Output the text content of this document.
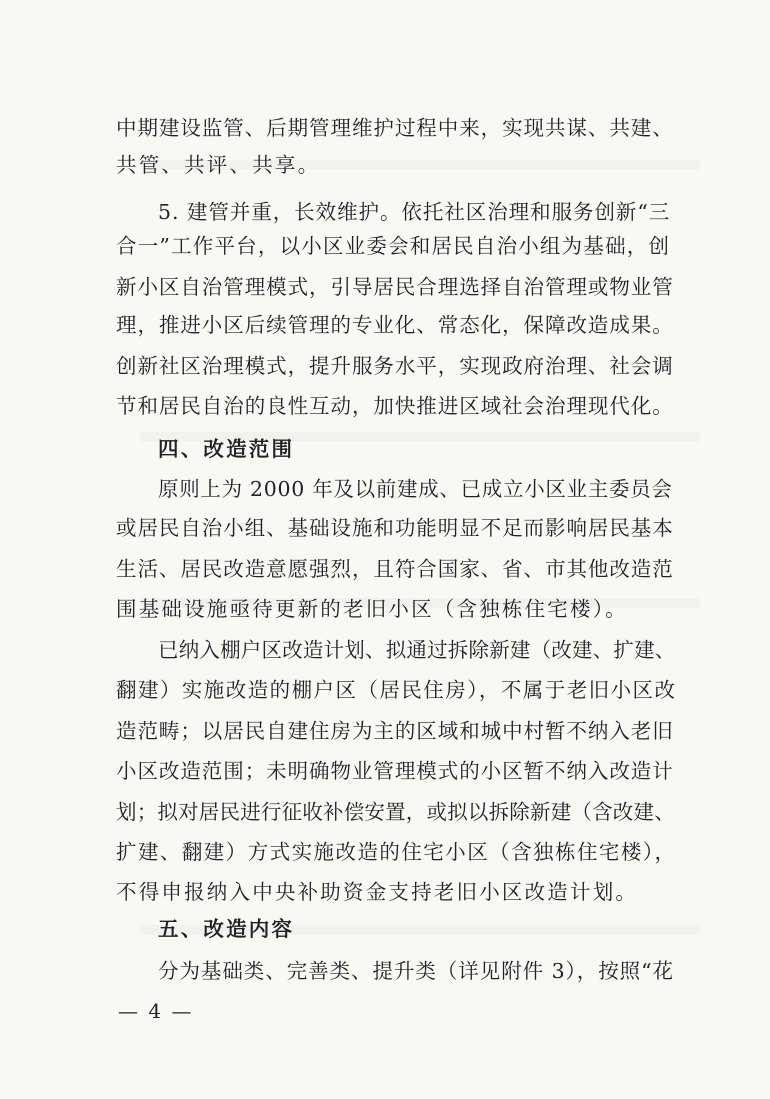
中期建设监管、后期管理维护过程中来，实现共谋、共建、
共管、共评、共享。
5. 建管并重，长效维护。依托社区治理和服务创新“三
合一”工作平台，以小区业委会和居民自治小组为基础，创
新小区自治管理模式，引导居民合理选择自治管理或物业管
理，推进小区后续管理的专业化、常态化，保障改造成果。
创新社区治理模式，提升服务水平，实现政府治理、社会调
节和居民自治的良性互动，加快推进区域社会治理现代化。
四、改造范围
原则上为 2000 年及以前建成、已成立小区业主委员会
或居民自治小组、基础设施和功能明显不足而影响居民基本
生活、居民改造意愿强烈，且符合国家、省、市其他改造范
围基础设施亟待更新的老旧小区（含独栋住宅楼）。
已纳入棚户区改造计划、拟通过拆除新建（改建、扩建、
翻建）实施改造的棚户区（居民住房），不属于老旧小区改
造范畴；以居民自建住房为主的区域和城中村暂不纳入老旧
小区改造范围；未明确物业管理模式的小区暂不纳入改造计
划；拟对居民进行征收补偿安置，或拟以拆除新建（含改建、
扩建、翻建）方式实施改造的住宅小区（含独栋住宅楼），
不得申报纳入中央补助资金支持老旧小区改造计划。
五、改造内容
分为基础类、完善类、提升类（详见附件 3），按照“花
— 4 —
